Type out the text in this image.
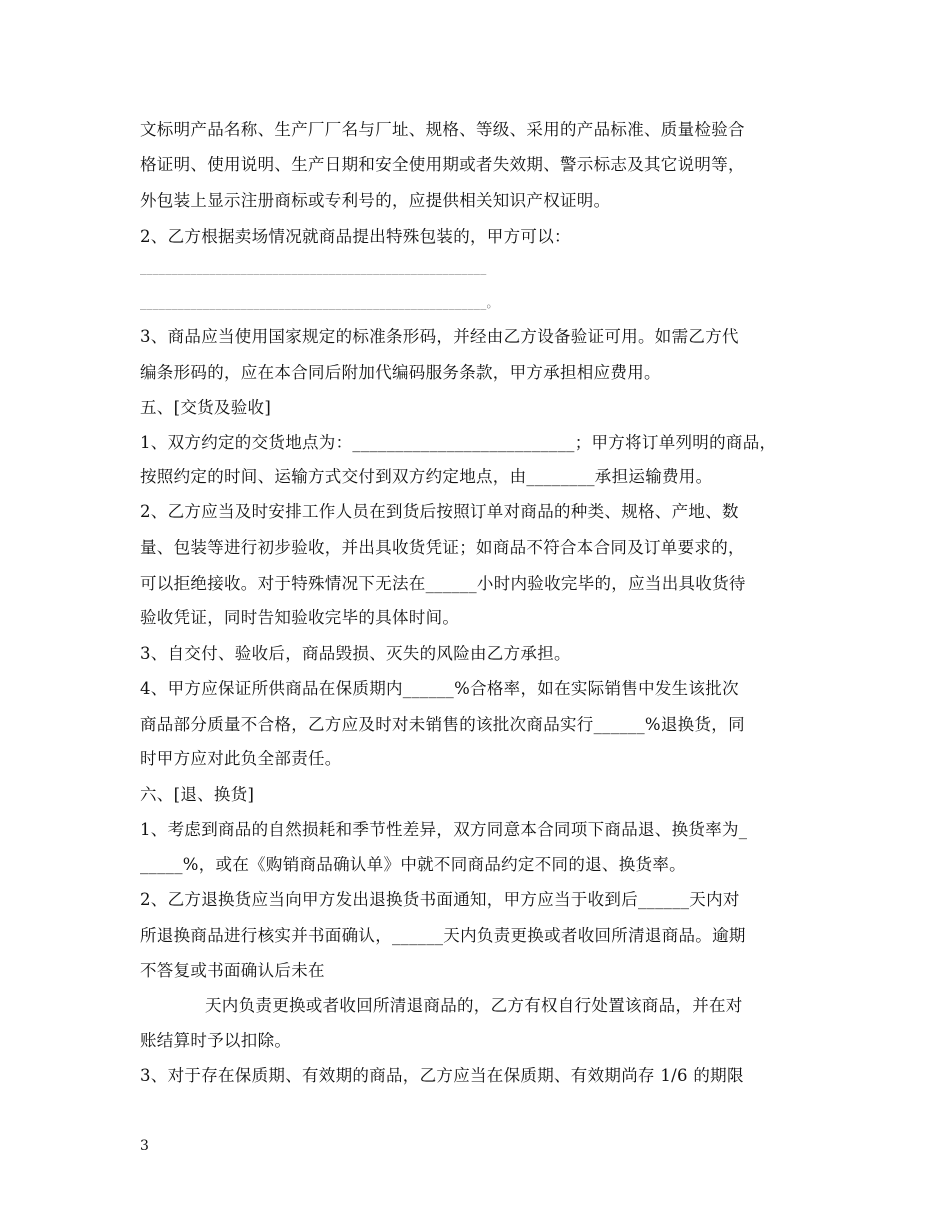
文标明产品名称、生产厂厂名与厂址、规格、等级、采用的产品标准、质量检验合
格证明、使用说明、生产日期和安全使用期或者失效期、警示标志及其它说明等，
外包装上显示注册商标或专利号的，应提供相关知识产权证明。
2、乙方根据卖场情况就商品提出特殊包装的，甲方可以：
_______________________________________________________
_______________________________________________________。
3、商品应当使用国家规定的标准条形码，并经由乙方设备验证可用。如需乙方代
编条形码的，应在本合同后附加代编码服务条款，甲方承担相应费用。
五、[交货及验收]
1、双方约定的交货地点为：__________________________；甲方将订单列明的商品，
按照约定的时间、运输方式交付到双方约定地点，由________承担运输费用。
2、乙方应当及时安排工作人员在到货后按照订单对商品的种类、规格、产地、数
量、包装等进行初步验收，并出具收货凭证；如商品不符合本合同及订单要求的，
可以拒绝接收。对于特殊情况下无法在______小时内验收完毕的，应当出具收货待
验收凭证，同时告知验收完毕的具体时间。
3、自交付、验收后，商品毁损、灭失的风险由乙方承担。
4、甲方应保证所供商品在保质期内______%合格率，如在实际销售中发生该批次
商品部分质量不合格，乙方应及时对未销售的该批次商品实行______%退换货，同
时甲方应对此负全部责任。
六、[退、换货]
1、考虑到商品的自然损耗和季节性差异，双方同意本合同项下商品退、换货率为_
_____%，或在《购销商品确认单》中就不同商品约定不同的退、换货率。
2、乙方退换货应当向甲方发出退换货书面通知，甲方应当于收到后______天内对
所退换商品进行核实并书面确认，______天内负责更换或者收回所清退商品。逾期
不答复或书面确认后未在
天内负责更换或者收回所清退商品的，乙方有权自行处置该商品，并在对
账结算时予以扣除。
3、对于存在保质期、有效期的商品，乙方应当在保质期、有效期尚存 1/6 的期限
3
